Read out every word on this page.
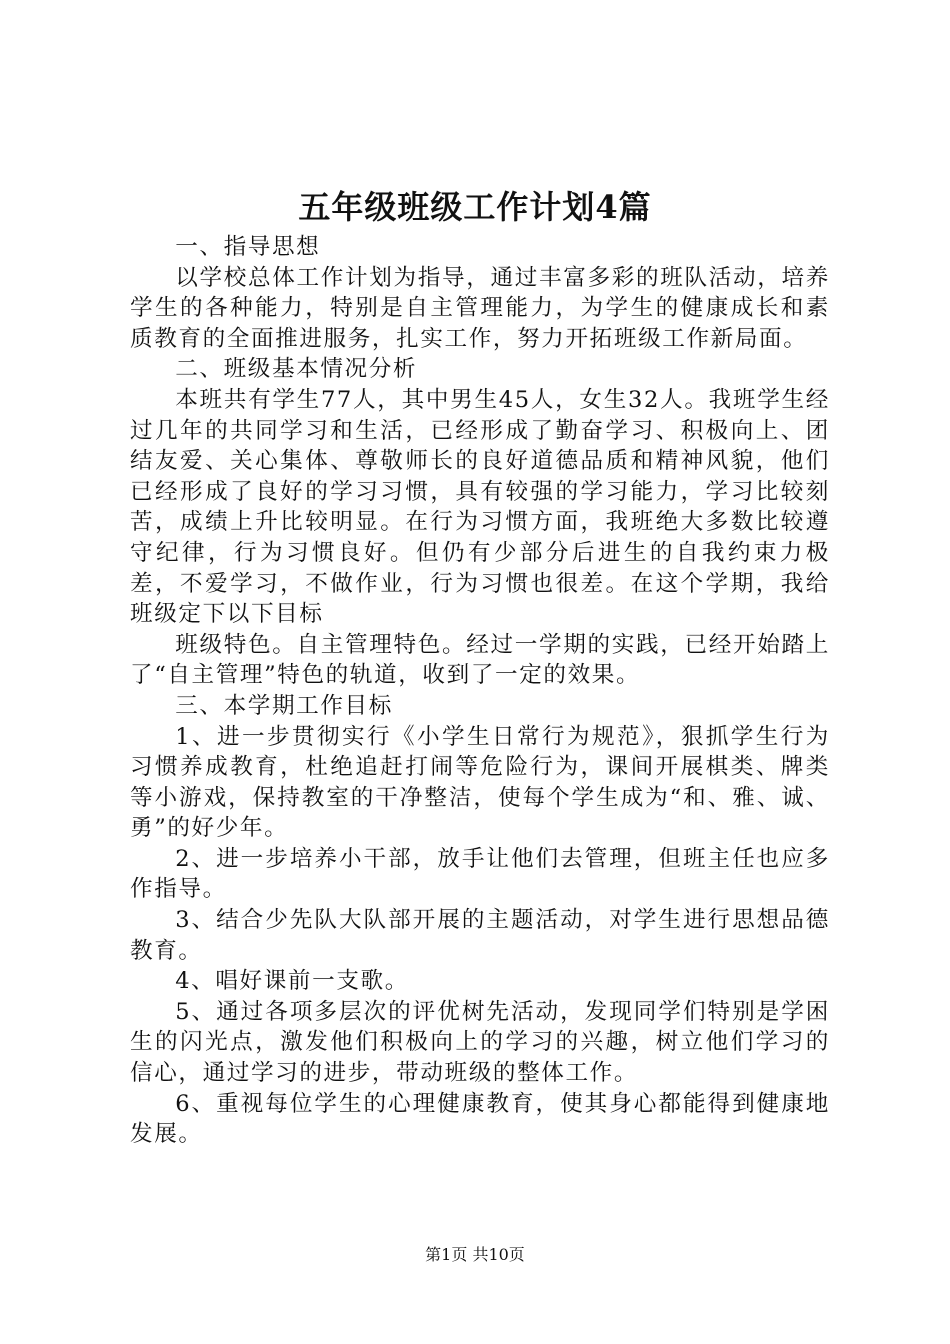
五年级班级工作计划4篇

一、指导思想

以学校总体工作计划为指导，通过丰富多彩的班队活动，培养学生的各种能力，特别是自主管理能力，为学生的健康成长和素质教育的全面推进服务，扎实工作，努力开拓班级工作新局面。

二、班级基本情况分析

本班共有学生77人，其中男生45人，女生32人。我班学生经过几年的共同学习和生活，已经形成了勤奋学习、积极向上、团结友爱、关心集体、尊敬师长的良好道德品质和精神风貌，他们已经形成了良好的学习习惯，具有较强的学习能力，学习比较刻苦，成绩上升比较明显。在行为习惯方面，我班绝大多数比较遵守纪律，行为习惯良好。但仍有少部分后进生的自我约束力极差，不爱学习，不做作业，行为习惯也很差。在这个学期，我给班级定下以下目标

班级特色。自主管理特色。经过一学期的实践，已经开始踏上了“自主管理”特色的轨道，收到了一定的效果。

三、本学期工作目标

1、进一步贯彻实行《小学生日常行为规范》，狠抓学生行为习惯养成教育，杜绝追赶打闹等危险行为，课间开展棋类、牌类等小游戏，保持教室的干净整洁，使每个学生成为“和、雅、诚、勇”的好少年。

2、进一步培养小干部，放手让他们去管理，但班主任也应多作指导。

3、结合少先队大队部开展的主题活动，对学生进行思想品德教育。

4、唱好课前一支歌。

5、通过各项多层次的评优树先活动，发现同学们特别是学困生的闪光点，激发他们积极向上的学习的兴趣，树立他们学习的信心，通过学习的进步，带动班级的整体工作。

6、重视每位学生的心理健康教育，使其身心都能得到健康地发展。

第1页 共10页
